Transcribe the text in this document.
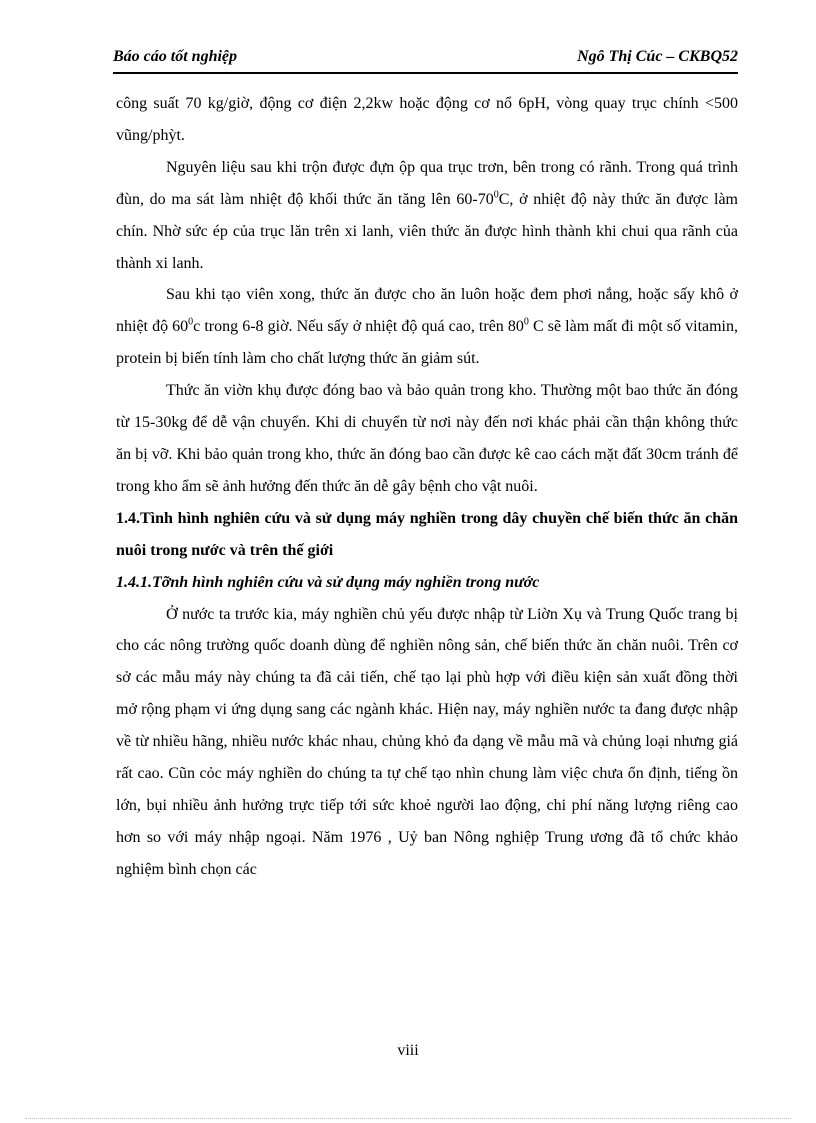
Báo cáo tốt nghiệp	Ngô Thị Cúc – CKBQ52

công suất 70 kg/giờ, động cơ điện 2,2kw hoặc động cơ nổ 6pH, vòng quay trục chính <500 vũng/phỳt.

Nguyên liệu sau khi trộn được đựn ộp qua trục trơn, bên trong có rãnh. Trong quá trình đùn, do ma sát làm nhiệt độ khối thức ăn tăng lên $60-70^0C$, ở nhiệt độ này thức ăn được làm chín. Nhờ sức ép của trục lăn trên xi lanh, viên thức ăn được hình thành khi chui qua rãnh của thành xi lanh.

Sau khi tạo viên xong, thức ăn được cho ăn luôn hoặc đem phơi nắng, hoặc sấy khô ở nhiệt độ $60^0c$ trong 6-8 giờ. Nếu sấy ở nhiệt độ quá cao, trên $80^0$ C sẽ làm mất đi một số vitamin, protein bị biến tính làm cho chất lượng thức ăn giảm sút.

Thức ăn viờn khụ được đóng bao và bảo quản trong kho. Thường một bao thức ăn đóng từ 15-30kg để dễ vận chuyển. Khi di chuyển từ nơi này đến nơi khác phải cần thận không thức ăn bị vỡ. Khi bảo quản trong kho, thức ăn đóng bao cần được kê cao cách mặt đất 30cm tránh để trong kho ẩm sẽ ảnh hưởng đến thức ăn dễ gây bệnh cho vật nuôi.

1.4.Tình hình nghiên cứu và sử dụng máy nghiền trong dây chuyền chế biến thức ăn chăn nuôi trong nước và trên thế giới

1.4.1.Tỡnh hình nghiên cứu và sử dụng máy nghiền trong nước

Ở nước ta trước kia, máy nghiền chủ yếu được nhập từ Liờn Xụ và Trung Quốc trang bị cho các nông trường quốc doanh dùng để nghiền nông sản, chế biến thức ăn chăn nuôi. Trên cơ sở các mẫu máy này chúng ta đã cải tiến, chế tạo lại phù hợp với điều kiện sản xuất đồng thời mở rộng phạm vi ứng dụng sang các ngành khác. Hiện nay, máy nghiền nước ta đang được nhập về từ nhiều hãng, nhiều nước khác nhau, chủng khỏ đa dạng về mẫu mã và chủng loại nhưng giá rất cao. Cũn cỏc máy nghiền do chúng ta tự chế tạo nhìn chung làm việc chưa ổn định, tiếng ồn lớn, bụi nhiều ảnh hưởng trực tiếp tới sức khoẻ người lao động, chi phí năng lượng riêng cao hơn so với máy nhập ngoại. Năm 1976 , Uỷ ban Nông nghiệp Trung ương đã tổ chức khảo nghiệm bình chọn các

viii
